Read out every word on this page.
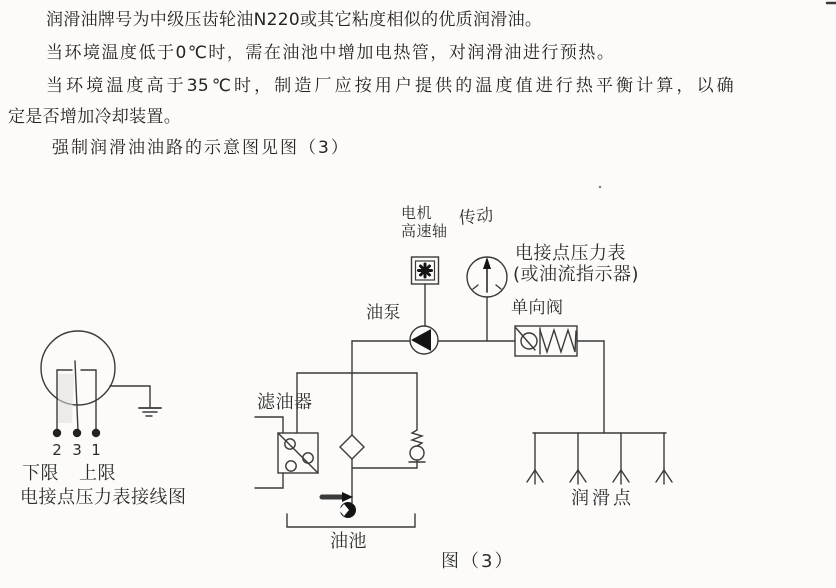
润滑油牌号为中级压齿轮油N220或其它粘度相似的优质润滑油。
当环境温度低于0℃时，需在油池中增加电热管，对润滑油进行预热。
当环境温度高于35℃时，制造厂应按用户提供的温度值进行热平衡计算，以确
定是否增加冷却装置。
强制润滑油油路的示意图见图（3）
电机
高速轴
传动
电接点压力表
(或油流指示器)
单向阀
油泵
滤油器
油池
润滑点
图（3）
2 3 1
下限 上限
电接点压力表接线图
